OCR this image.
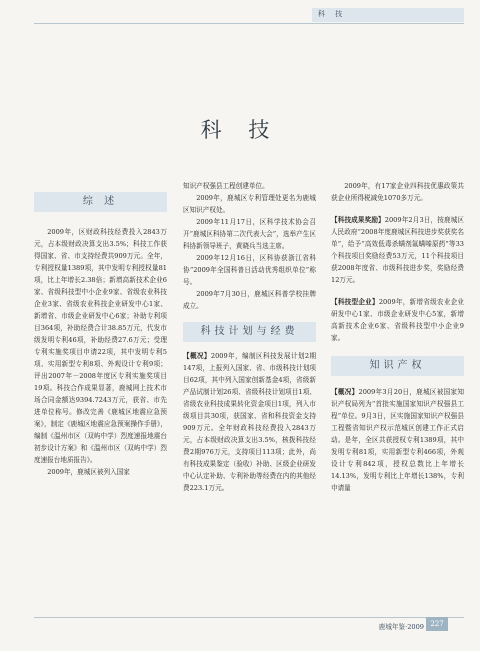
科 技
科 技
综 述

2009年，区财政科技经费投入2843万元，占本级财政决算支出3.5%；科技工作获得国家、省、市支持经费共909万元。全年，专利授权量1389项，其中发明专利授权量81项，比上年增长2.38倍；新增高新技术企业6家、省级科技型中小企业9家、省级农业科技企业3家、省级农业科技企业研发中心1家、新增省、市级企业研发中心6家；补助专利项目364项，补助经费合计38.85万元，代发市级发明专利46项，补助经费27.6万元；受理专利实施奖项目申请22项，其中发明专利5项、实用新型专利8项、外观设计专利9项；评出2007年－2008年度区专利实施奖项目19项。科技合作成果显著，鹿城网上技术市场合同金额达9394.7243万元，获省、市先进单位称号。修改完善《鹿城区地震应急预案》，制定《鹿城区地震应急预案操作手册》，编制《温州市区（双屿中学）烈度速报地震台初步设计方案》和《温州市区（双屿中学）烈度速报台地质报告》。

2009年，鹿城区被列入国家

知识产权强县工程创建单位。

2009年，鹿城区专利管理处更名为鹿城区知识产权处。

2009年11月17日，区科学技术协会召开“鹿城区科协第二次代表大会”，选举产生区科协新领导班子，黄晓兵当选主席。

2009年12月16日，区科协获浙江省科协“2009年全国科普日活动优秀组织单位”称号。

2009年7月30日，鹿城区科普学校挂牌成立。

科技计划与经费

【概况】2009年，编制区科技发展计划2期147项，上报列入国家、省、市级科技计划项目62项，其中列入国家创新基金4项，省级新产品试制计划26项、省级科技计划项目1项、省级农业科技成果转化资金项目1项，列入市级项目共30项，获国家、省和科技资金支持909万元。全年财政科技经费投入2843万元，占本级财政决算支出3.5%，核拨科技经费2期976万元，支持项目113项；此外，尚有科技成果鉴定（验收）补助、区级企业研发中心认定补助、专利补助等经费在内的其他经费223.1万元。

2009年，有17家企业四科技优惠政策共获企业所得税减免1070多万元。

【科技成果奖励】2009年2月3日，按鹿城区人民政府“2008年度鹿城区科技进步奖获奖名单”，给予“高效低毒杀螨剂氟螨嗪原药”等33个科技项目奖励经费53万元，11个科技项目获2008年度省、市级科技进步奖，奖励经费12万元。

【科技型企业】2009年，新增省级农业企业研发中心1家、市级企业研发中心5家，新增高新技术企业6家、省级科技型中小企业9家。

知识产权

【概况】2009年3月20日，鹿城区被国家知识产权局列为“首批实施国家知识产权强县工程”单位。9月3日，区实施国家知识产权强县工程暨省知识产权示范城区创建工作正式启动。是年，全区共获授权专利1389项，其中发明专利81项，实用新型专利466项，外观设计专利842项，授权总数比上年增长14.13%，发明专利比上年增长138%，专利申请量

鹿城年鉴·2009 227
